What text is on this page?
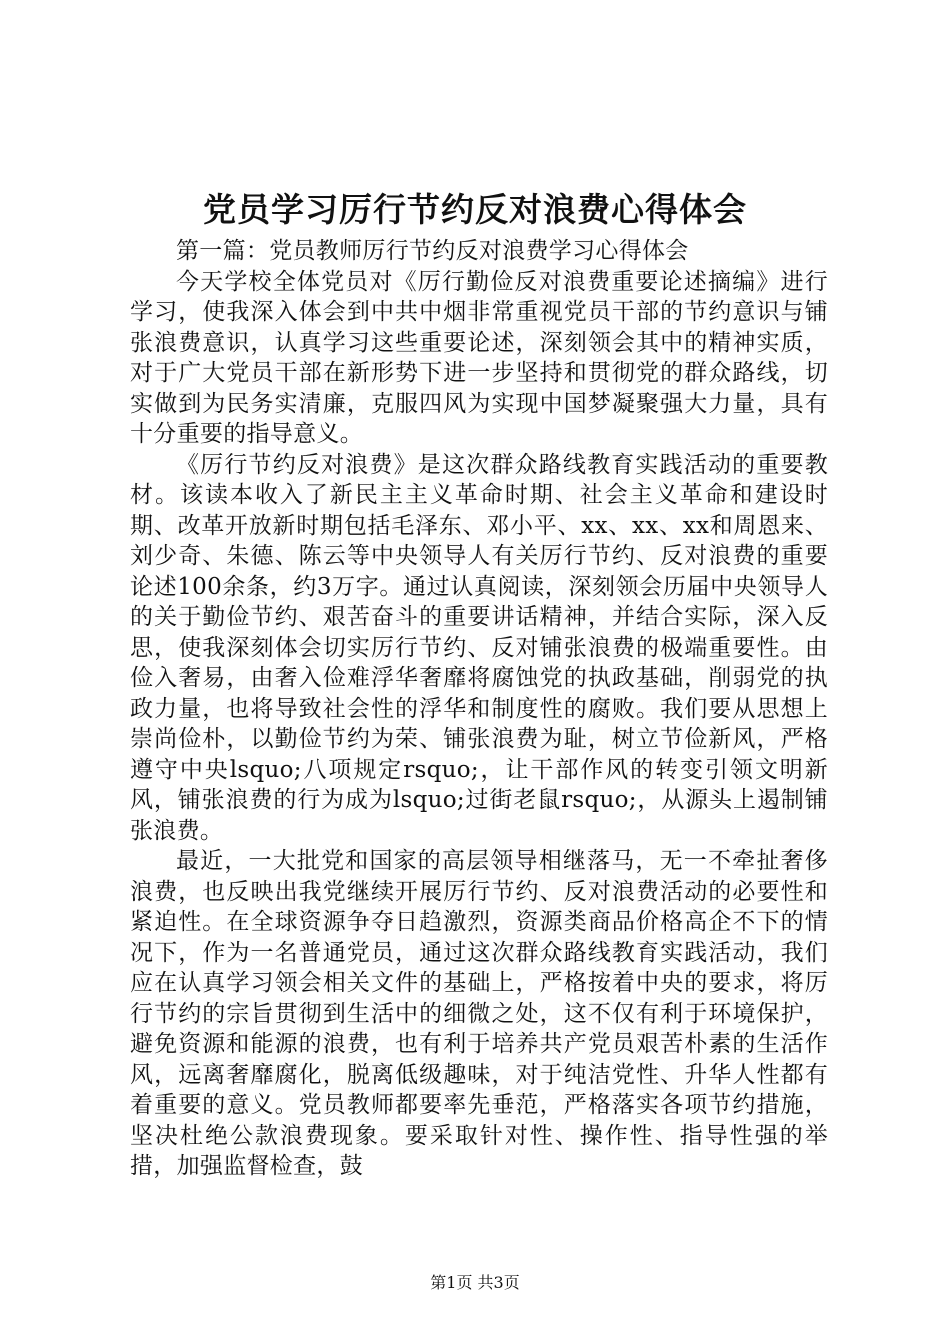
党员学习厉行节约反对浪费心得体会

第一篇：党员教师厉行节约反对浪费学习心得体会

今天学校全体党员对《厉行勤俭反对浪费重要论述摘编》进行学习，使我深入体会到中共中烟非常重视党员干部的节约意识与铺张浪费意识，认真学习这些重要论述，深刻领会其中的精神实质，对于广大党员干部在新形势下进一步坚持和贯彻党的群众路线，切实做到为民务实清廉，克服四风为实现中国梦凝聚强大力量，具有十分重要的指导意义。

《厉行节约反对浪费》是这次群众路线教育实践活动的重要教材。该读本收入了新民主主义革命时期、社会主义革命和建设时期、改革开放新时期包括毛泽东、邓小平、xx、xx、xx和周恩来、刘少奇、朱德、陈云等中央领导人有关厉行节约、反对浪费的重要论述100余条，约3万字。通过认真阅读，深刻领会历届中央领导人的关于勤俭节约、艰苦奋斗的重要讲话精神，并结合实际，深入反思，使我深刻体会切实厉行节约、反对铺张浪费的极端重要性。由俭入奢易，由奢入俭难浮华奢靡将腐蚀党的执政基础，削弱党的执政力量，也将导致社会性的浮华和制度性的腐败。我们要从思想上崇尚俭朴，以勤俭节约为荣、铺张浪费为耻，树立节俭新风，严格遵守中央lsquo;八项规定rsquo;，让干部作风的转变引领文明新风，铺张浪费的行为成为lsquo;过街老鼠rsquo;，从源头上遏制铺张浪费。

最近，一大批党和国家的高层领导相继落马，无一不牵扯奢侈浪费，也反映出我党继续开展厉行节约、反对浪费活动的必要性和紧迫性。在全球资源争夺日趋激烈，资源类商品价格高企不下的情况下，作为一名普通党员，通过这次群众路线教育实践活动，我们应在认真学习领会相关文件的基础上，严格按着中央的要求，将厉行节约的宗旨贯彻到生活中的细微之处，这不仅有利于环境保护，避免资源和能源的浪费，也有利于培养共产党员艰苦朴素的生活作风，远离奢靡腐化，脱离低级趣味，对于纯洁党性、升华人性都有着重要的意义。党员教师都要率先垂范，严格落实各项节约措施，坚决杜绝公款浪费现象。要采取针对性、操作性、指导性强的举措，加强监督检查，鼓

第1页 共3页
